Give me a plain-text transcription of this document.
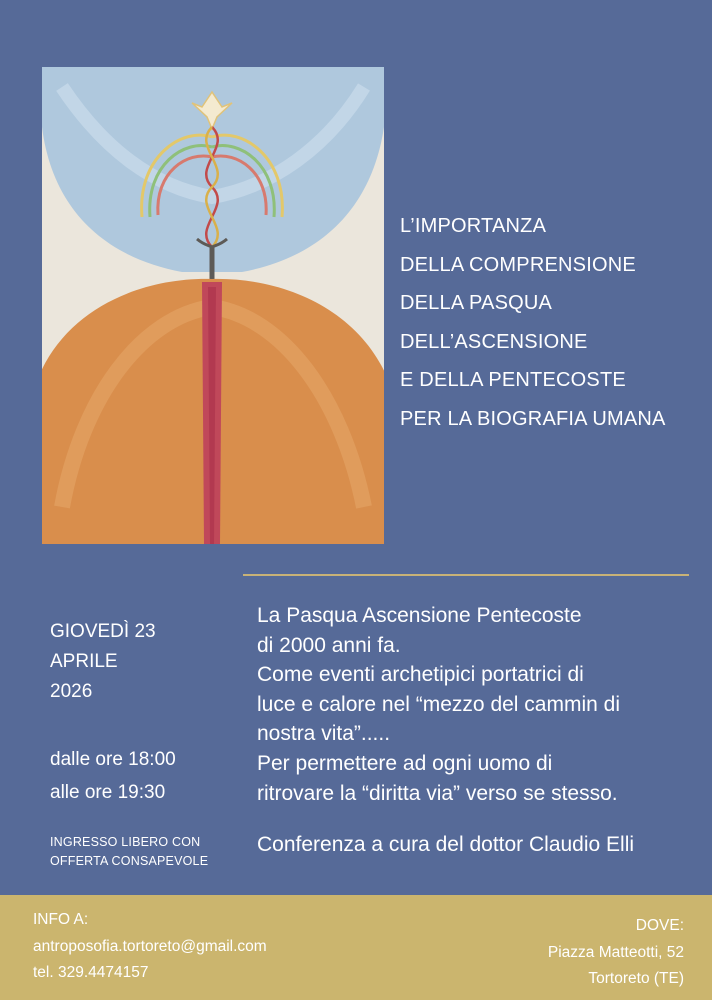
L’IMPORTANZA
DELLA COMPRENSIONE
DELLA PASQUA
DELL’ASCENSIONE
E DELLA PENTECOSTE
PER LA BIOGRAFIA UMANA
GIOVEDÌ 23
APRILE
2026
dalle ore 18:00
alle ore 19:30
INGRESSO LIBERO CON
OFFERTA CONSAPEVOLE
La Pasqua Ascensione Pentecoste
di 2000 anni fa.
Come eventi archetipici portatrici di
luce e calore nel “mezzo del cammin di
nostra vita”.....
Per permettere ad ogni uomo di
ritrovare la “diritta via” verso se stesso.
Conferenza a cura del dottor Claudio Elli
INFO A:
antroposofia.tortoreto@gmail.com
tel. 329.4474157
DOVE:
Piazza Matteotti, 52
Tortoreto (TE)
